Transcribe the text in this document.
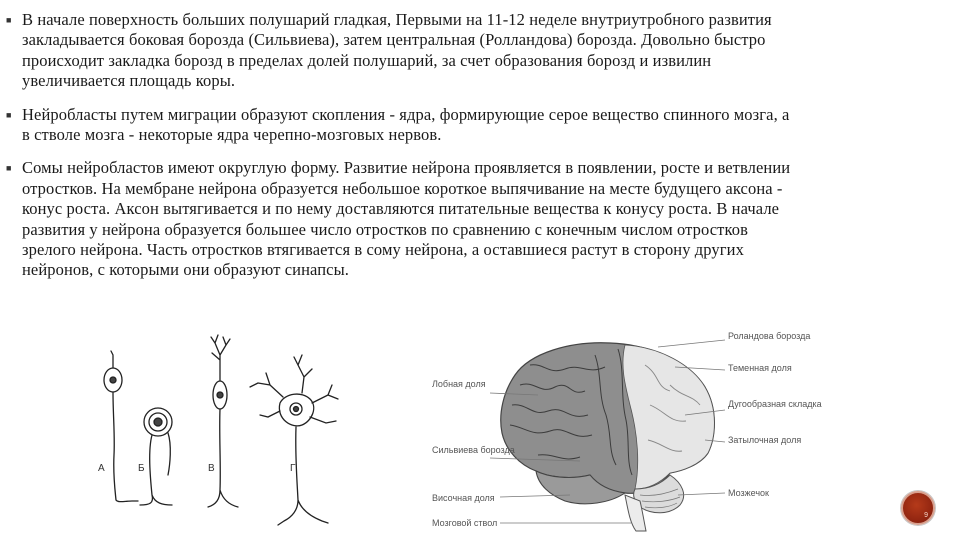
■ В начале поверхность больших полушарий гладкая, Первыми на 11-12 неделе внутриутробного развития закладывается боковая борозда (Сильвиева), затем центральная (Роллaндова) борозда. Довольно быстро происходит закладка борозд в пределах долей полушарий, за счет образования борозд и извилин увеличивается площадь коры.
■ Нейробласты путем миграции образуют скопления - ядра, формирующие серое вещество спинного мозга, а в стволе мозга - некоторые ядра черепно-мозговых нервов.
■ Сомы нейробластов имеют округлую форму. Развитие нейрона проявляется в появлении, росте и ветвлении отростков. На мембране нейрона образуется небольшое короткое выпячивание на месте будущего аксона - конус роста. Аксон вытягивается и по нему доставляются питательные вещества к конусу роста. В начале развития у нейрона образуется большее число отростков по сравнению с конечным числом отростков зрелого нейрона. Часть отростков втягивается в сому нейрона, а оставшиеся растут в сторону других нейронов, с которыми они образуют синапсы.
А	Б	В	Г
Лобная доля
Сильвиева борозда
Височная доля
Мозговой ствол
Роландова борозда
Теменная доля
Дугообразная складка
Затылочная доля
Мозжечок
9
